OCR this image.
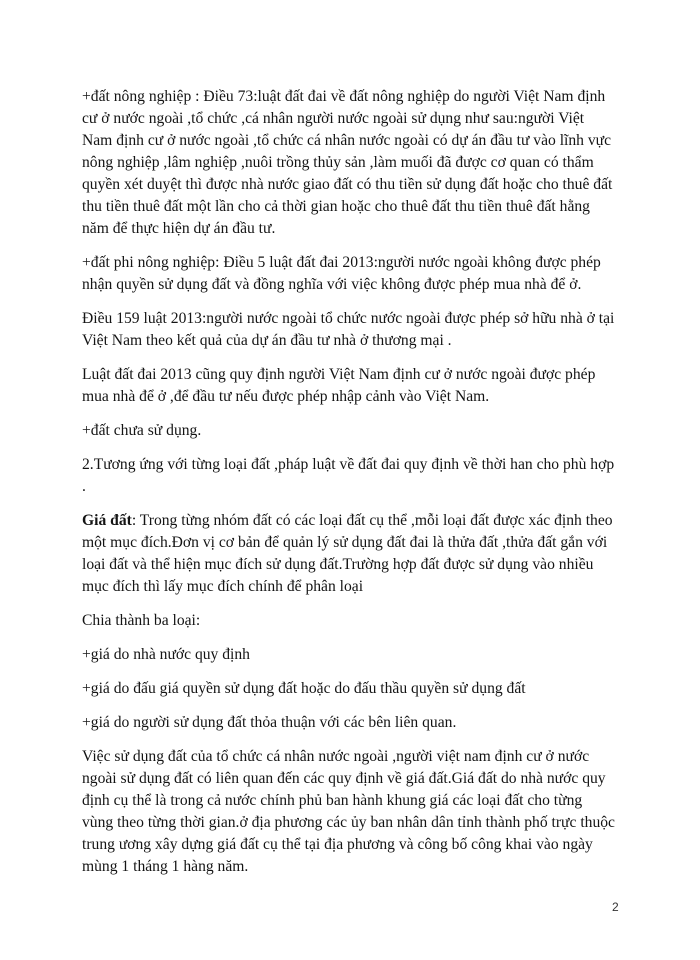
+đất nông nghiệp : Điều 73:luật đất đai về đất nông nghiệp do người Việt Nam định cư ở nước ngoài ,tổ chức ,cá nhân người nước ngoài sử dụng như sau:người Việt Nam định cư ở nước ngoài ,tổ chức cá nhân nước ngoài có dự án đầu tư vào lĩnh vực nông nghiệp ,lâm nghiệp ,nuôi trồng thủy sản ,làm muối đã được cơ quan có thẩm quyền xét duyệt thì được nhà nước giao đất có thu tiền sử dụng đất hoặc cho thuê đất thu tiền thuê đất một lần cho cả thời gian hoặc cho thuê đất thu tiền thuê đất hằng năm để thực hiện dự án đầu tư.

+đất phi nông nghiệp: Điều 5 luật đất đai 2013:người nước ngoài không được phép nhận quyền sử dụng đất và đồng nghĩa với việc không được phép mua nhà để ở.

Điều 159 luật 2013:người nước ngoài tổ chức nước ngoài được phép sở hữu nhà ở tại Việt Nam theo kết quả của dự án đầu tư nhà ở thương mại .

Luật đất đai 2013 cũng quy định người Việt Nam định cư ở nước ngoài được phép mua nhà để ở ,để đầu tư nếu được phép nhập cảnh vào Việt Nam.

+đất chưa sử dụng.

2.Tương ứng với từng loại đất ,pháp luật về đất đai quy định về thời han cho phù hợp .

Giá đất: Trong từng nhóm đất có các loại đất cụ thể ,mỗi loại đất được xác định theo một mục đích.Đơn vị cơ bản để quản lý sử dụng đất đai là thửa đất ,thửa đất gắn với loại đất và thể hiện mục đích sử dụng đất.Trường hợp đất được sử dụng vào nhiều mục đích thì lấy mục đích chính để phân loại

Chia thành ba loại:

+giá do nhà nước quy định

+giá do đấu giá quyền sử dụng đất hoặc do đấu thầu quyền sử dụng đất

+giá do người sử dụng đất thỏa thuận với các bên liên quan.

Việc sử dụng đất của tổ chức cá nhân nước ngoài ,người việt nam định cư ở nước ngoài sử dụng đất có liên quan đến các quy định về giá đất.Giá đất do nhà nước quy định cụ thể là trong cả nước chính phủ ban hành khung giá các loại đất cho từng vùng theo từng thời gian.ở địa phương các ủy ban nhân dân tỉnh thành phố trực thuộc trung ương xây dựng giá đất cụ thể tại địa phương và công bố công khai vào ngày mùng 1 tháng 1 hàng năm.

2
